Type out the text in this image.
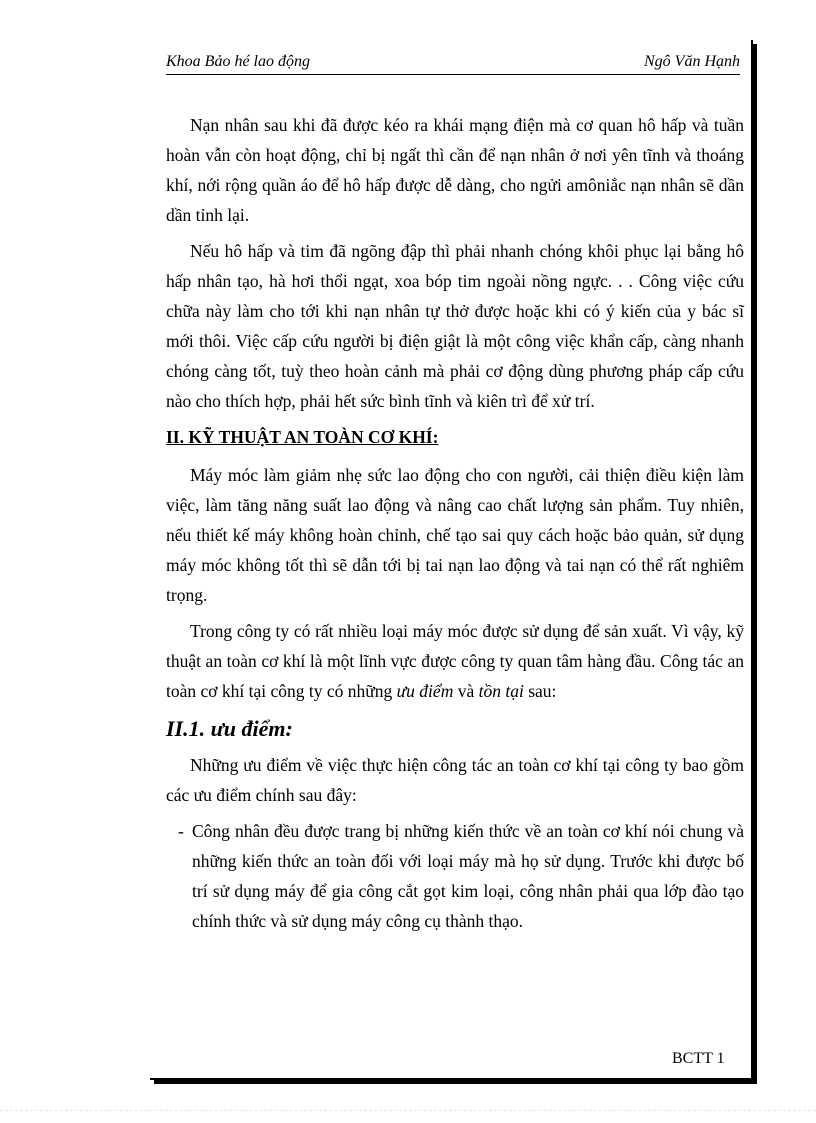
Khoa Bảo hé lao động	Ngô Văn Hạnh

Nạn nhân sau khi đã được kéo ra khái mạng điện mà cơ quan hô hấp và tuần hoàn vẫn còn hoạt động, chỉ bị ngất thì cần để nạn nhân ở nơi yên tĩnh và thoáng khí, nới rộng quần áo để hô hấp được dễ dàng, cho ngửi amôniắc nạn nhân sẽ dần dần tỉnh lại.

Nếu hô hấp và tim đã ngõng đập thì phải nhanh chóng khôi phục lại bằng hô hấp nhân tạo, hà hơi thổi ngạt, xoa bóp tim ngoài nồng ngực. . . Công việc cứu chữa này làm cho tới khi nạn nhân tự thở được hoặc khi có ý kiến của y bác sĩ mới thôi. Việc cấp cứu người bị điện giật là một công việc khẩn cấp, càng nhanh chóng càng tốt, tuỳ theo hoàn cảnh mà phải cơ động dùng phương pháp cấp cứu nào cho thích hợp, phải hết sức bình tĩnh và kiên trì để xử trí.

II. KỸ THUẬT AN TOÀN CƠ KHÍ:

Máy móc làm giảm nhẹ sức lao động cho con người, cải thiện điều kiện làm việc, làm tăng năng suất lao động và nâng cao chất lượng sản phẩm. Tuy nhiên, nếu thiết kế máy không hoàn chỉnh, chế tạo sai quy cách hoặc bảo quản, sử dụng máy móc không tốt thì sẽ dẫn tới bị tai nạn lao động và tai nạn có thể rất nghiêm trọng.

Trong công ty có rất nhiều loại máy móc được sử dụng để sản xuất. Vì vậy, kỹ thuật an toàn cơ khí là một lĩnh vực được công ty quan tâm hàng đầu. Công tác an toàn cơ khí tại công ty có những ưu điểm và tồn tại sau:

II.1. ưu điểm:

Những ưu điểm về việc thực hiện công tác an toàn cơ khí tại công ty bao gồm các ưu điểm chính sau đây:

- Công nhân đều được trang bị những kiến thức về an toàn cơ khí nói chung và những kiến thức an toàn đối với loại máy mà họ sử dụng. Trước khi được bố trí sử dụng máy để gia công cắt gọt kim loại, công nhân phải qua lớp đào tạo chính thức và sử dụng máy công cụ thành thạo.
BCTT 1
